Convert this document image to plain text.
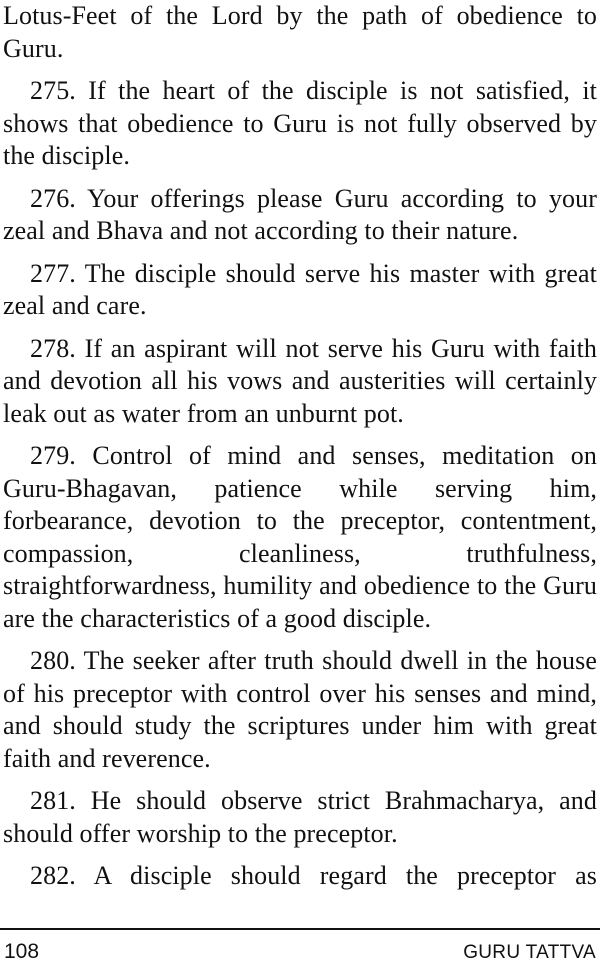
Lotus-Feet of the Lord by the path of obedience to Guru.

275. If the heart of the disciple is not satisfied, it shows that obedience to Guru is not fully observed by the disciple.

276. Your offerings please Guru according to your zeal and Bhava and not according to their nature.

277. The disciple should serve his master with great zeal and care.

278. If an aspirant will not serve his Guru with faith and devotion all his vows and austerities will certainly leak out as water from an unburnt pot.

279. Control of mind and senses, meditation on Guru-Bhagavan, patience while serving him, forbearance, devotion to the preceptor, contentment, compassion, cleanliness, truthfulness, straightforwardness, humility and obedience to the Guru are the characteristics of a good disciple.

280. The seeker after truth should dwell in the house of his preceptor with control over his senses and mind, and should study the scriptures under him with great faith and reverence.

281. He should observe strict Brahmacharya, and should offer worship to the preceptor.

282. A disciple should regard the preceptor as

108	GURU TATTVA
